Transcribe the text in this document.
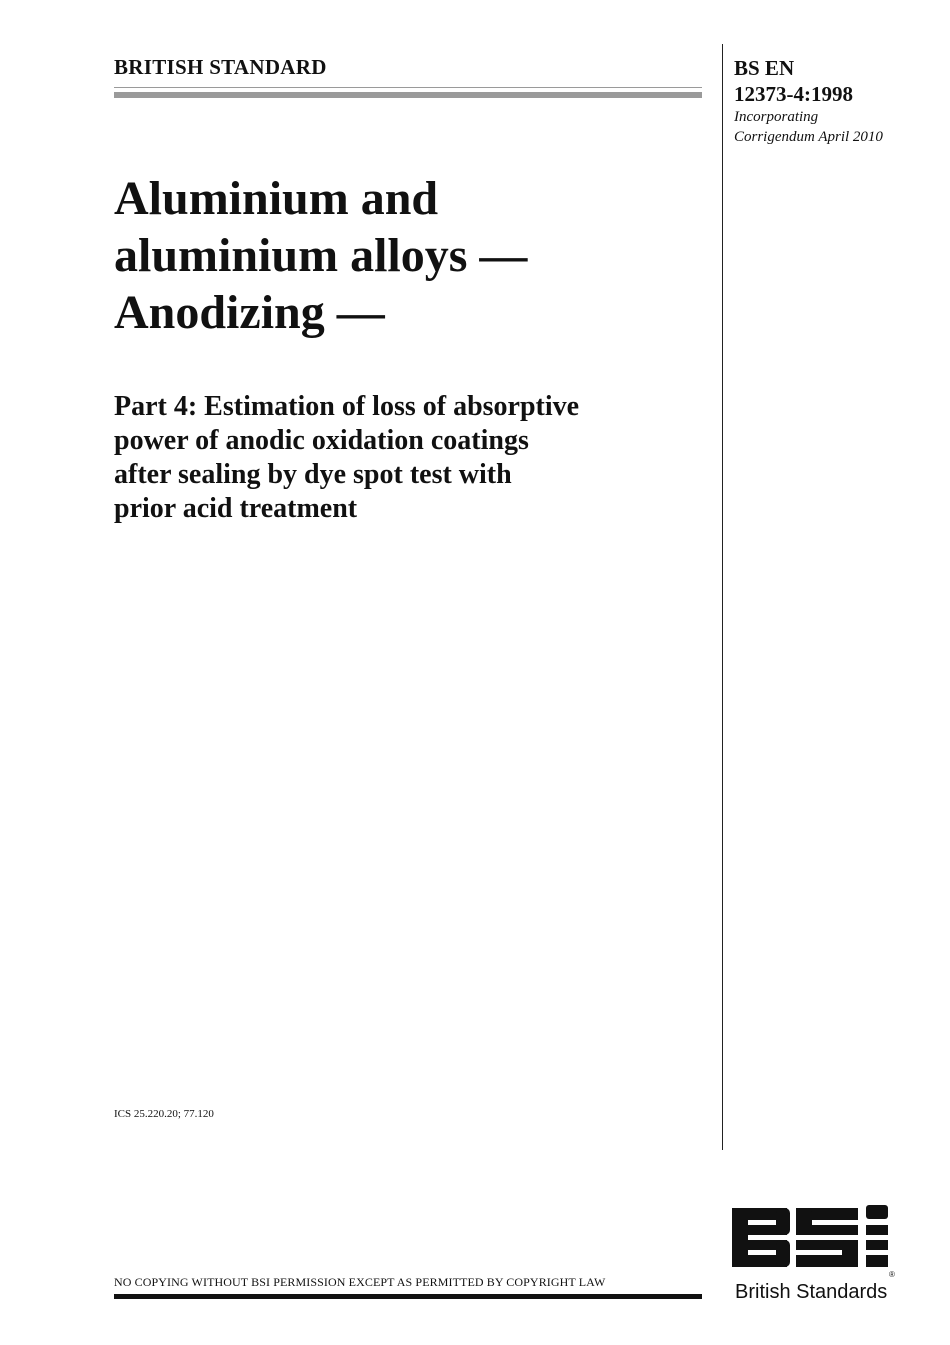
BRITISH STANDARD	BS EN
12373-4:1998
Incorporating
Corrigendum April 2010
Aluminium and
aluminium alloys —
Anodizing —
Part 4: Estimation of loss of absorptive
power of anodic oxidation coatings
after sealing by dye spot test with
prior acid treatment
ICS 25.220.20; 77.120
NO COPYING WITHOUT BSI PERMISSION EXCEPT AS PERMITTED BY COPYRIGHT LAW
®
British Standards
